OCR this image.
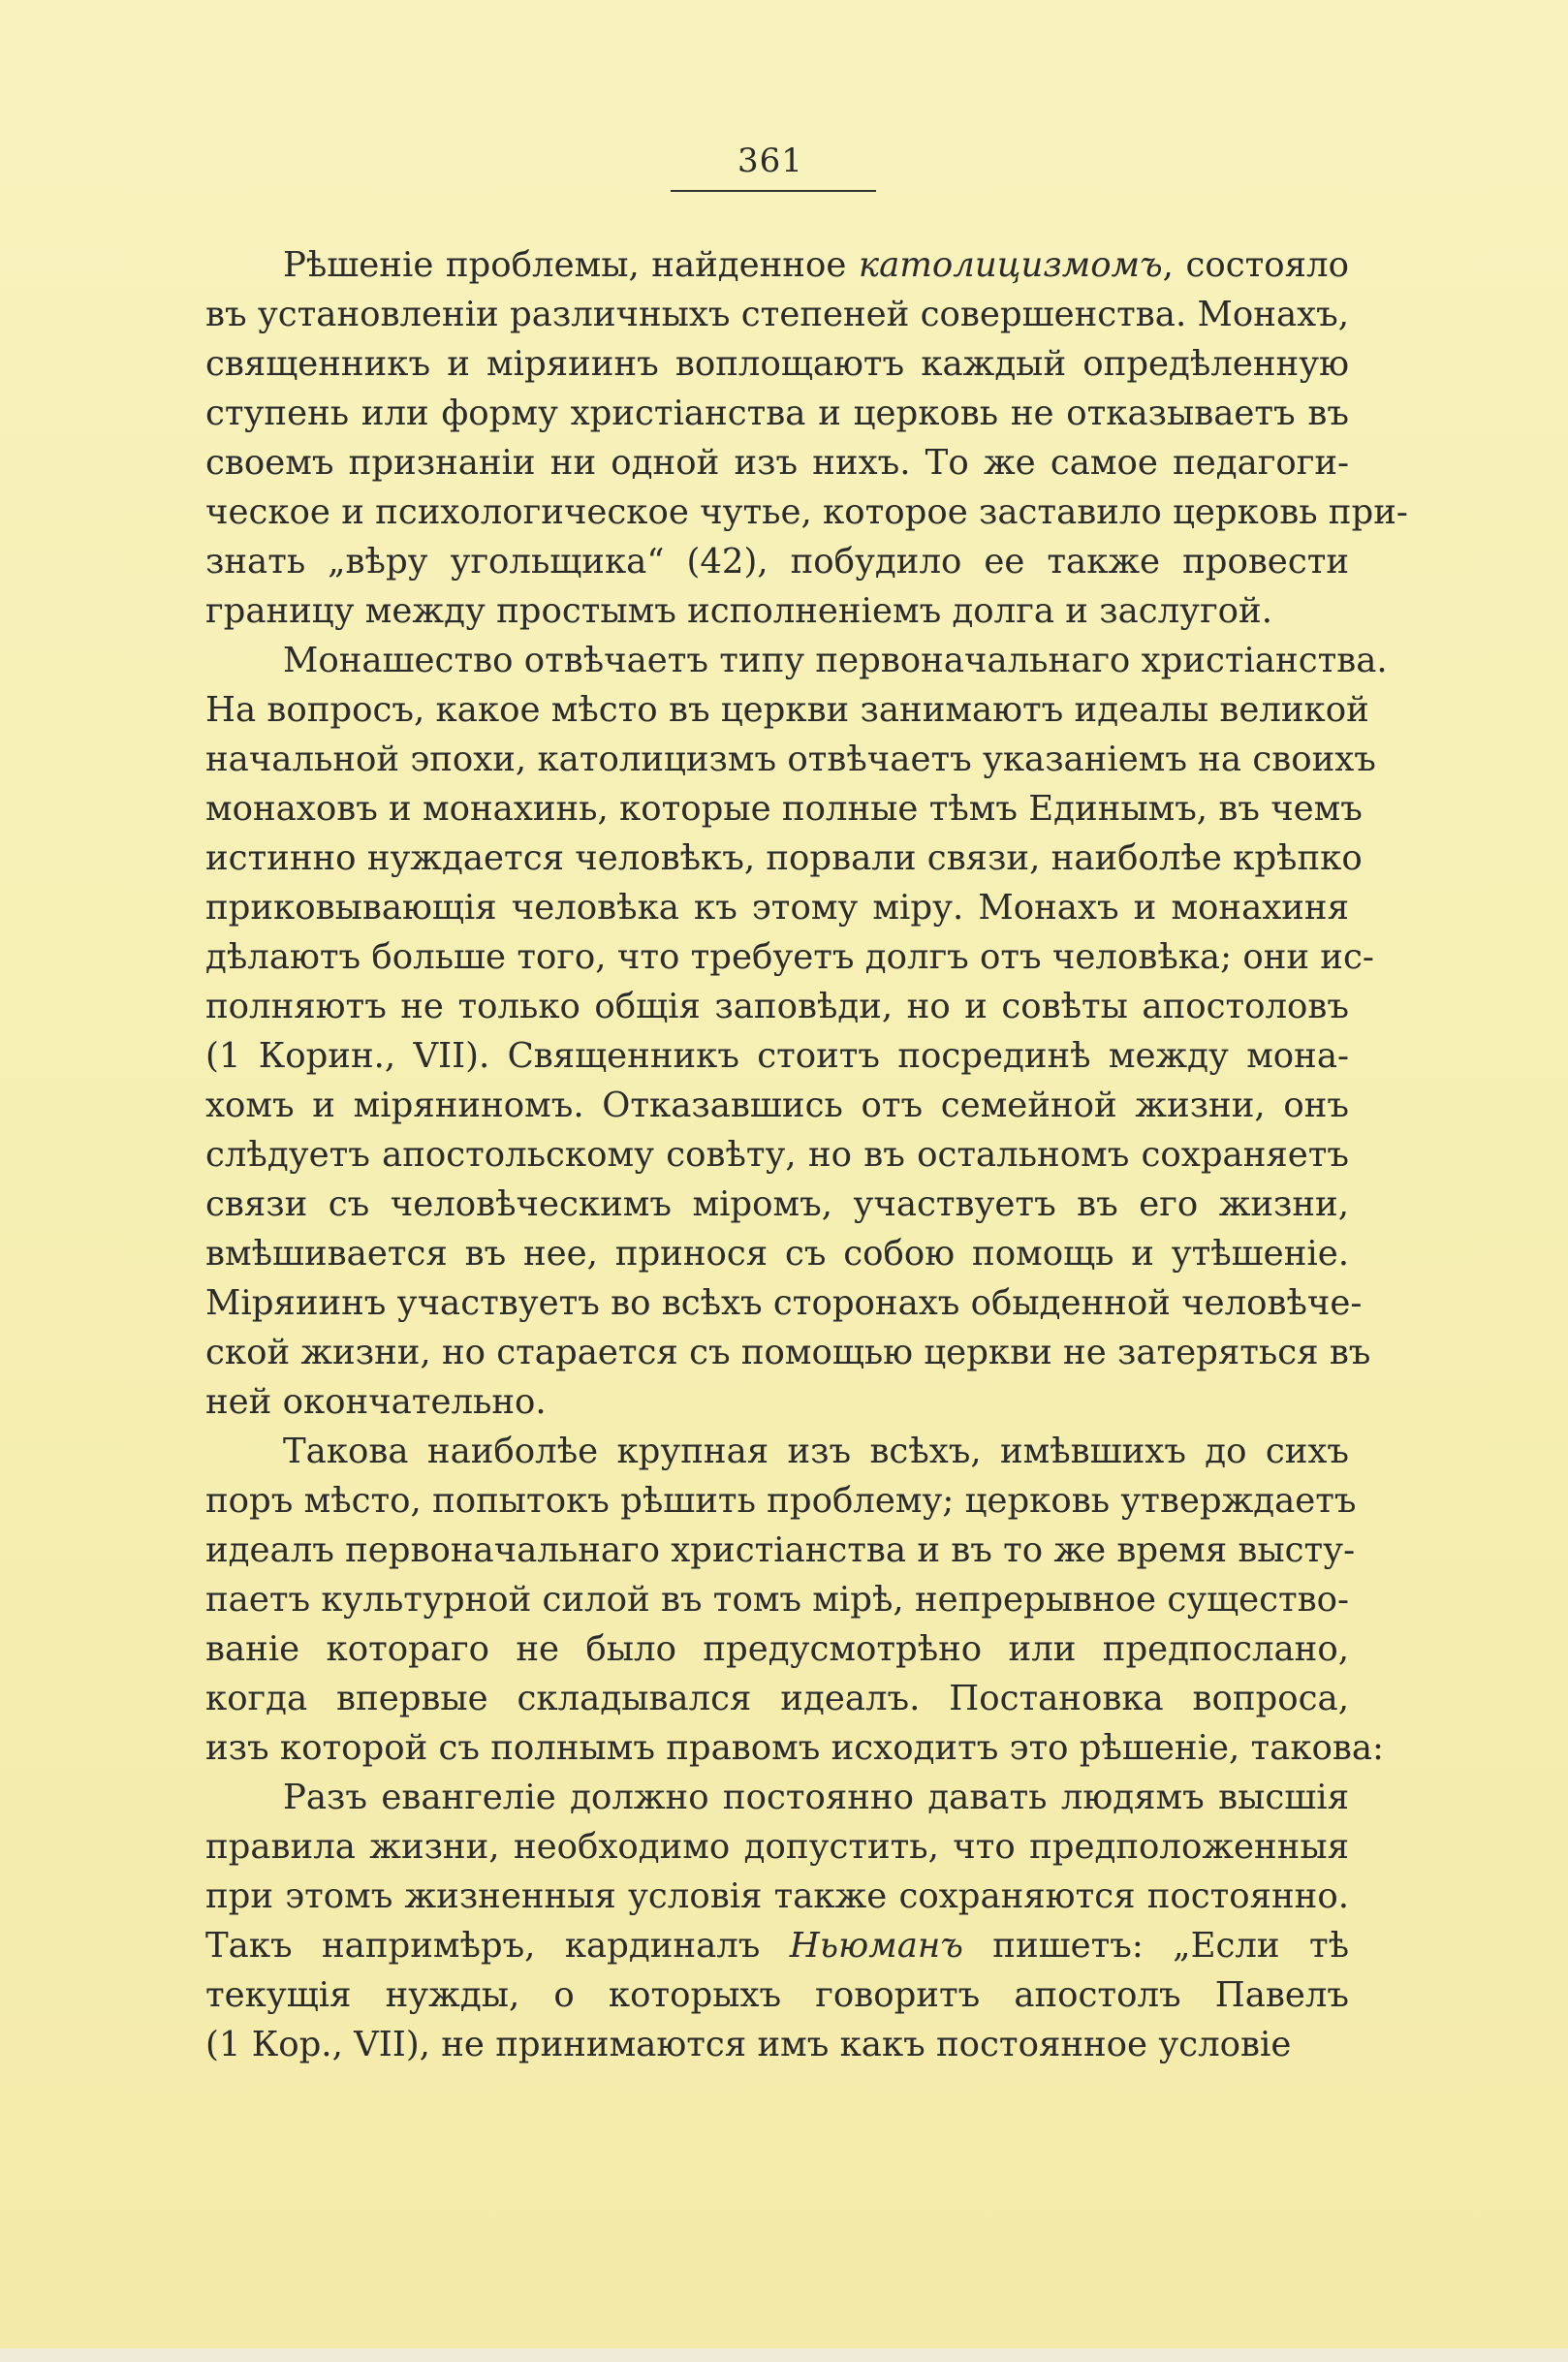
361
Рѣшеніе проблемы, найденное католицизмомъ, состояло
въ установленіи различныхъ степеней совершенства. Монахъ,
священникъ и міряиинъ воплощаютъ каждый опредѣленную
ступень или форму христіанства и церковь не отказываетъ въ
своемъ признаніи ни одной изъ нихъ. То же самое педагоги-
ческое и психологическое чутье, которое заставило церковь при-
знать „вѣру угольщика“ (42), побудило ее также провести
границу между простымъ исполненіемъ долга и заслугой.
Монашество отвѣчаетъ типу первоначальнаго христіанства.
На вопросъ, какое мѣсто въ церкви занимаютъ идеалы великой
начальной эпохи, католицизмъ отвѣчаетъ указаніемъ на своихъ
монаховъ и монахинь, которые полные тѣмъ Единымъ, въ чемъ
истинно нуждается человѣкъ, порвали связи, наиболѣе крѣпко
приковывающія человѣка къ этому міру. Монахъ и монахиня
дѣлаютъ больше того, что требуетъ долгъ отъ человѣка; они ис-
полняютъ не только общія заповѣди, но и совѣты апостоловъ
(1 Корин., VII). Священникъ стоитъ посрединѣ между мона-
хомъ и міряниномъ. Отказавшись отъ семейной жизни, онъ
слѣдуетъ апостольскому совѣту, но въ остальномъ сохраняетъ
связи съ человѣческимъ міромъ, участвуетъ въ его жизни,
вмѣшивается въ нее, принося съ собою помощь и утѣшеніе.
Міряиинъ участвуетъ во всѣхъ сторонахъ обыденной человѣче-
ской жизни, но старается съ помощью церкви не затеряться въ
ней окончательно.
Такова наиболѣе крупная изъ всѣхъ, имѣвшихъ до сихъ
поръ мѣсто, попытокъ рѣшить проблему; церковь утверждаетъ
идеалъ первоначальнаго христіанства и въ то же время высту-
паетъ культурной силой въ томъ мірѣ, непрерывное существо-
ваніе котораго не было предусмотрѣно или предпослано,
когда впервые складывался идеалъ. Постановка вопроса,
изъ которой съ полнымъ правомъ исходитъ это рѣшеніе, такова:
Разъ евангеліе должно постоянно давать людямъ высшія
правила жизни, необходимо допустить, что предположенныя
при этомъ жизненныя условія также сохраняются постоянно.
Такъ напримѣръ, кардиналъ Ньюманъ пишетъ: „Если тѣ
текущія нужды, о которыхъ говоритъ апостолъ Павелъ
(1 Кор., VII), не принимаются имъ какъ постоянное условіе
